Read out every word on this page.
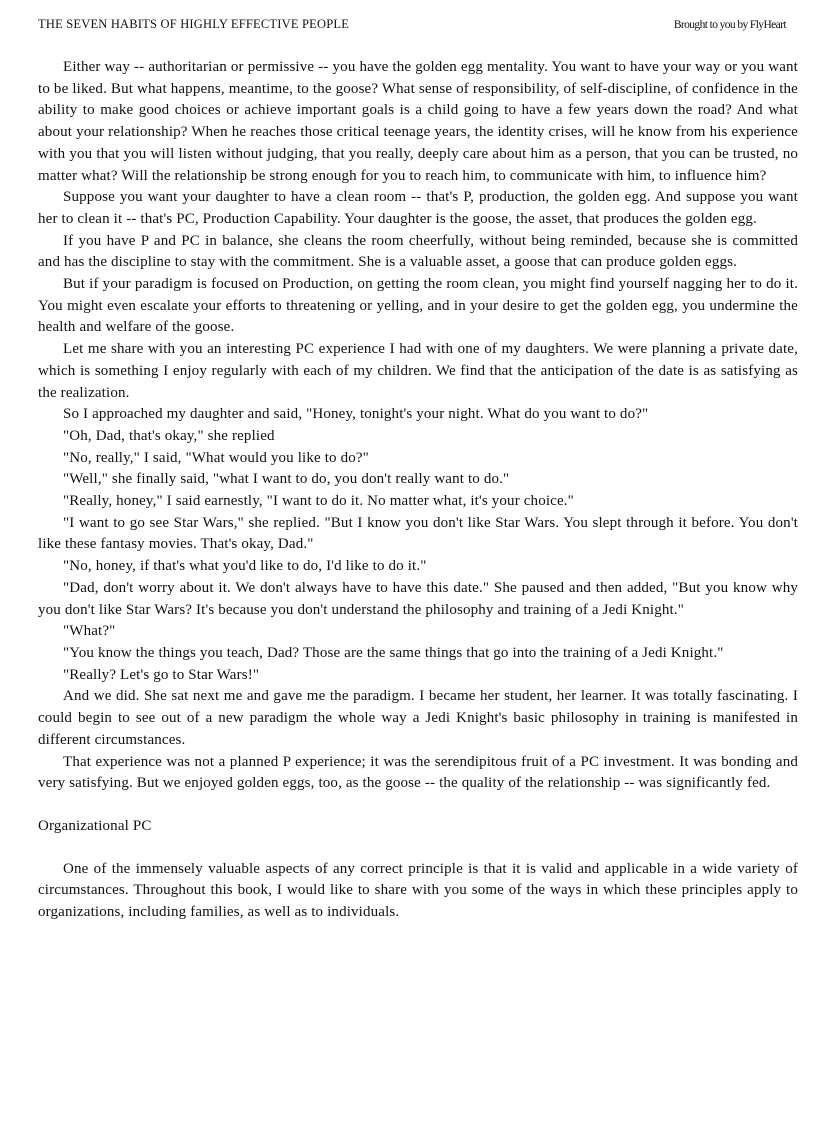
THE SEVEN HABITS OF HIGHLY EFFECTIVE PEOPLE	Brought to you by FlyHeart

Either way -- authoritarian or permissive -- you have the golden egg mentality. You want to have your way or you want to be liked. But what happens, meantime, to the goose? What sense of responsibility, of self-discipline, of confidence in the ability to make good choices or achieve important goals is a child going to have a few years down the road? And what about your relationship? When he reaches those critical teenage years, the identity crises, will he know from his experience with you that you will listen without judging, that you really, deeply care about him as a person, that you can be trusted, no matter what? Will the relationship be strong enough for you to reach him, to communicate with him, to influence him?

Suppose you want your daughter to have a clean room -- that's P, production, the golden egg. And suppose you want her to clean it -- that's PC, Production Capability. Your daughter is the goose, the asset, that produces the golden egg.

If you have P and PC in balance, she cleans the room cheerfully, without being reminded, because she is committed and has the discipline to stay with the commitment. She is a valuable asset, a goose that can produce golden eggs.

But if your paradigm is focused on Production, on getting the room clean, you might find yourself nagging her to do it. You might even escalate your efforts to threatening or yelling, and in your desire to get the golden egg, you undermine the health and welfare of the goose.

Let me share with you an interesting PC experience I had with one of my daughters. We were planning a private date, which is something I enjoy regularly with each of my children. We find that the anticipation of the date is as satisfying as the realization.

So I approached my daughter and said, "Honey, tonight's your night. What do you want to do?"

"Oh, Dad, that's okay," she replied

"No, really," I said, "What would you like to do?"

"Well," she finally said, "what I want to do, you don't really want to do."

"Really, honey," I said earnestly, "I want to do it. No matter what, it's your choice."

"I want to go see Star Wars," she replied. "But I know you don't like Star Wars. You slept through it before. You don't like these fantasy movies. That's okay, Dad."

"No, honey, if that's what you'd like to do, I'd like to do it."

"Dad, don't worry about it. We don't always have to have this date." She paused and then added, "But you know why you don't like Star Wars? It's because you don't understand the philosophy and training of a Jedi Knight."

"What?"

"You know the things you teach, Dad? Those are the same things that go into the training of a Jedi Knight."

"Really? Let's go to Star Wars!"

And we did. She sat next me and gave me the paradigm. I became her student, her learner. It was totally fascinating. I could begin to see out of a new paradigm the whole way a Jedi Knight's basic philosophy in training is manifested in different circumstances.

That experience was not a planned P experience; it was the serendipitous fruit of a PC investment. It was bonding and very satisfying. But we enjoyed golden eggs, too, as the goose -- the quality of the relationship -- was significantly fed.

Organizational PC

One of the immensely valuable aspects of any correct principle is that it is valid and applicable in a wide variety of circumstances. Throughout this book, I would like to share with you some of the ways in which these principles apply to organizations, including families, as well as to individuals.
